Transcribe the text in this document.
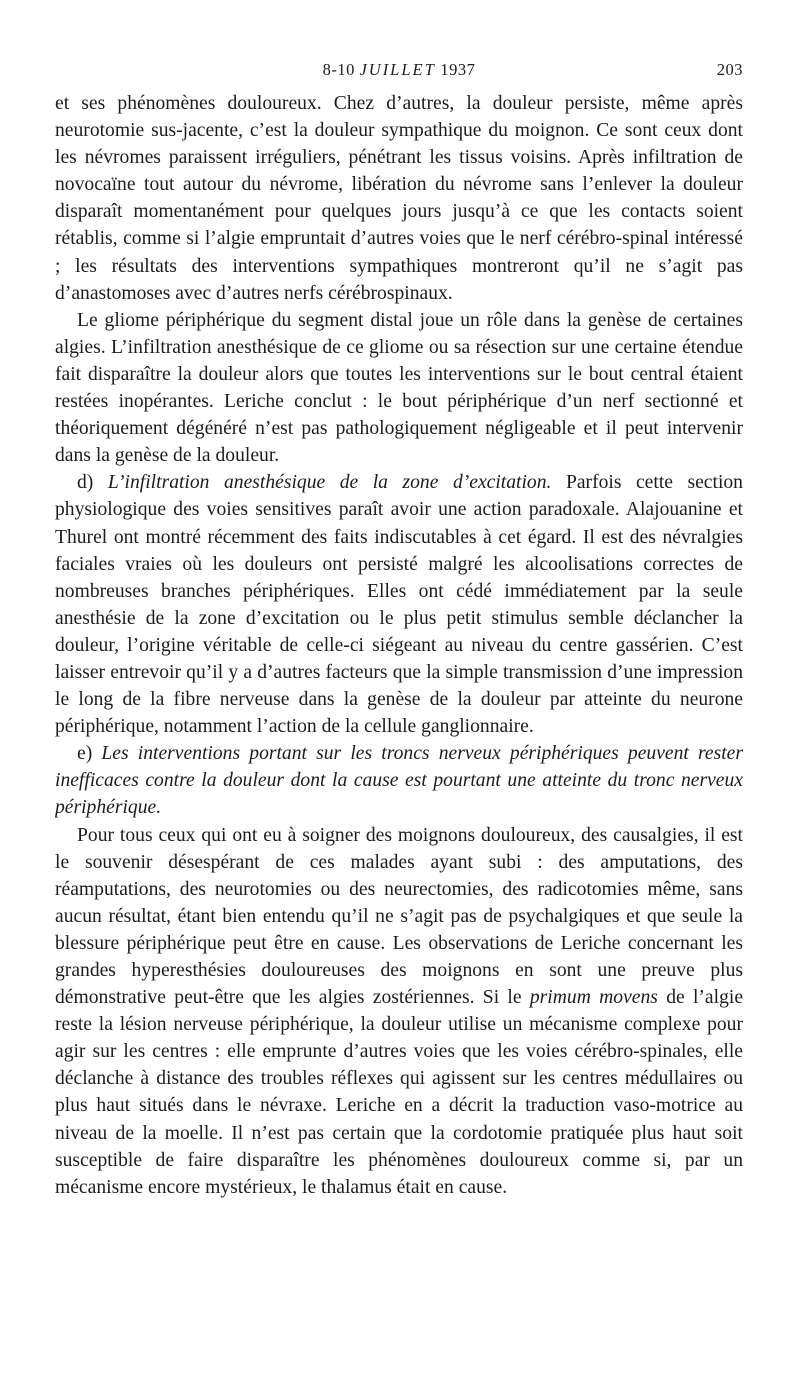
8-10 JUILLET 1937	203

et ses phénomènes douloureux. Chez d’autres, la douleur persiste, même après neurotomie sus-jacente, c’est la douleur sympathique du moignon. Ce sont ceux dont les névromes paraissent irréguliers, pénétrant les tissus voisins. Après infiltration de novocaïne tout autour du névrome, libération du névrome sans l’enlever la douleur disparaît momentanément pour quelques jours jusqu’à ce que les contacts soient rétablis, comme si l’algie empruntait d’autres voies que le nerf cérébro-spinal intéressé ; les résultats des interventions sympathiques montreront qu’il ne s’agit pas d’anastomoses avec d’autres nerfs cérébrospinaux.

Le gliome périphérique du segment distal joue un rôle dans la genèse de certaines algies. L’infiltration anesthésique de ce gliome ou sa résection sur une certaine étendue fait disparaître la douleur alors que toutes les interventions sur le bout central étaient restées inopérantes. Leriche conclut : le bout périphérique d’un nerf sectionné et théoriquement dégénéré n’est pas pathologiquement négligeable et il peut intervenir dans la genèse de la douleur.

d) L’infiltration anesthésique de la zone d’excitation. Parfois cette section physiologique des voies sensitives paraît avoir une action paradoxale. Alajouanine et Thurel ont montré récemment des faits indiscutables à cet égard. Il est des névralgies faciales vraies où les douleurs ont persisté malgré les alcoolisations correctes de nombreuses branches périphériques. Elles ont cédé immédiatement par la seule anesthésie de la zone d’excitation ou le plus petit stimulus semble déclancher la douleur, l’origine véritable de celle-ci siégeant au niveau du centre gassérien. C’est laisser entrevoir qu’il y a d’autres facteurs que la simple transmission d’une impression le long de la fibre nerveuse dans la genèse de la douleur par atteinte du neurone périphérique, notamment l’action de la cellule ganglionnaire.

e) Les interventions portant sur les troncs nerveux périphériques peuvent rester inefficaces contre la douleur dont la cause est pourtant une atteinte du tronc nerveux périphérique.

Pour tous ceux qui ont eu à soigner des moignons douloureux, des causalgies, il est le souvenir désespérant de ces malades ayant subi : des amputations, des réamputations, des neurotomies ou des neurectomies, des radicotomies même, sans aucun résultat, étant bien entendu qu’il ne s’agit pas de psychalgiques et que seule la blessure périphérique peut être en cause. Les observations de Leriche concernant les grandes hyperesthésies douloureuses des moignons en sont une preuve plus démonstrative peut-être que les algies zostériennes. Si le primum movens de l’algie reste la lésion nerveuse périphérique, la douleur utilise un mécanisme complexe pour agir sur les centres : elle emprunte d’autres voies que les voies cérébro-spinales, elle déclanche à distance des troubles réflexes qui agissent sur les centres médullaires ou plus haut situés dans le névraxe. Leriche en a décrit la traduction vaso-motrice au niveau de la moelle. Il n’est pas certain que la cordotomie pratiquée plus haut soit susceptible de faire disparaître les phénomènes douloureux comme si, par un mécanisme encore mystérieux, le thalamus était en cause.
